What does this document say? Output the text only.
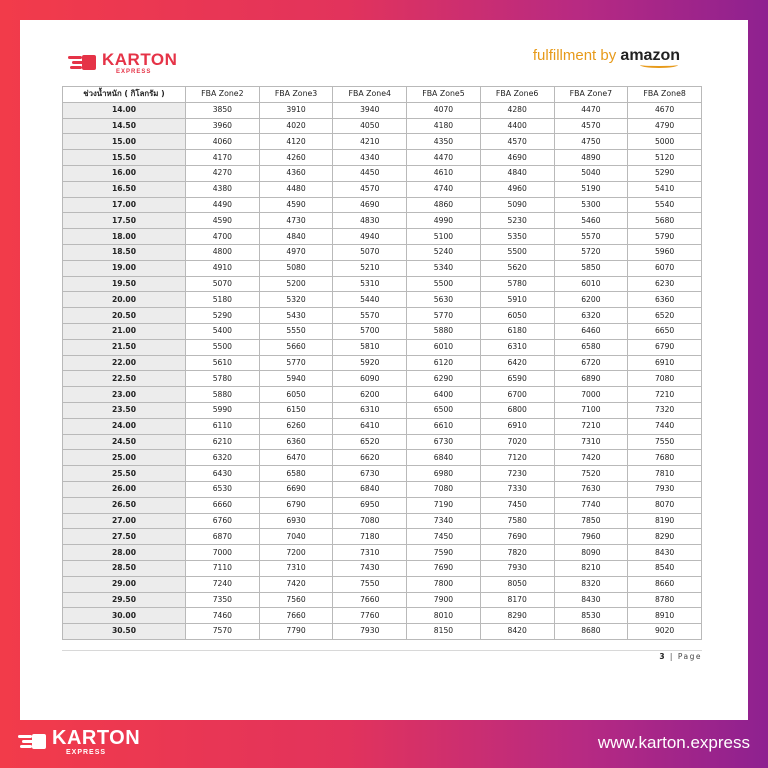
KARTON
EXPRESS
fulfillment by amazon
ช่วงน้ำหนัก ( กิโลกรัม )	FBA Zone2	FBA Zone3	FBA Zone4	FBA Zone5	FBA Zone6	FBA Zone7	FBA Zone8
14.00	3850	3910	3940	4070	4280	4470	4670
14.50	3960	4020	4050	4180	4400	4570	4790
15.00	4060	4120	4210	4350	4570	4750	5000
15.50	4170	4260	4340	4470	4690	4890	5120
16.00	4270	4360	4450	4610	4840	5040	5290
16.50	4380	4480	4570	4740	4960	5190	5410
17.00	4490	4590	4690	4860	5090	5300	5540
17.50	4590	4730	4830	4990	5230	5460	5680
18.00	4700	4840	4940	5100	5350	5570	5790
18.50	4800	4970	5070	5240	5500	5720	5960
19.00	4910	5080	5210	5340	5620	5850	6070
19.50	5070	5200	5310	5500	5780	6010	6230
20.00	5180	5320	5440	5630	5910	6200	6360
20.50	5290	5430	5570	5770	6050	6320	6520
21.00	5400	5550	5700	5880	6180	6460	6650
21.50	5500	5660	5810	6010	6310	6580	6790
22.00	5610	5770	5920	6120	6420	6720	6910
22.50	5780	5940	6090	6290	6590	6890	7080
23.00	5880	6050	6200	6400	6700	7000	7210
23.50	5990	6150	6310	6500	6800	7100	7320
24.00	6110	6260	6410	6610	6910	7210	7440
24.50	6210	6360	6520	6730	7020	7310	7550
25.00	6320	6470	6620	6840	7120	7420	7680
25.50	6430	6580	6730	6980	7230	7520	7810
26.00	6530	6690	6840	7080	7330	7630	7930
26.50	6660	6790	6950	7190	7450	7740	8070
27.00	6760	6930	7080	7340	7580	7850	8190
27.50	6870	7040	7180	7450	7690	7960	8290
28.00	7000	7200	7310	7590	7820	8090	8430
28.50	7110	7310	7430	7690	7930	8210	8540
29.00	7240	7420	7550	7800	8050	8320	8660
29.50	7350	7560	7660	7900	8170	8430	8780
30.00	7460	7660	7760	8010	8290	8530	8910
30.50	7570	7790	7930	8150	8420	8680	9020
3 | Page
KARTON
EXPRESS
www.karton.express
